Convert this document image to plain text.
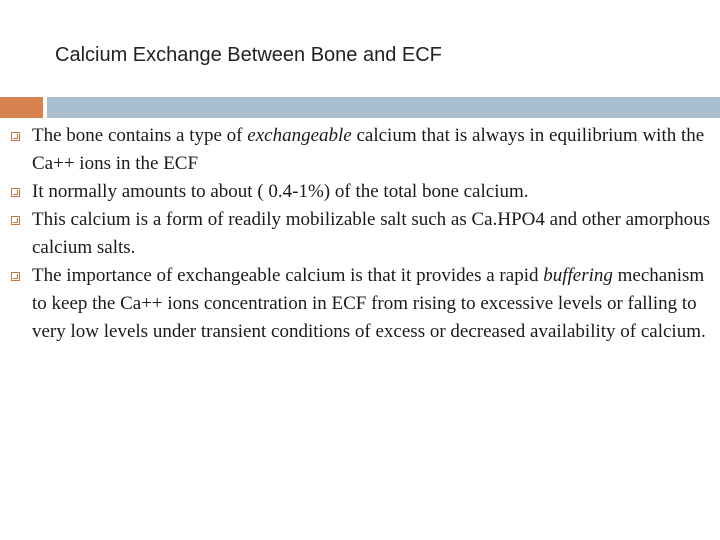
Calcium Exchange Between Bone and ECF
The bone contains a type of exchangeable calcium that is always in equilibrium with the Ca++ ions in the ECF
It normally amounts to about ( 0.4-1%) of the total bone calcium.
This calcium is a form of readily mobilizable salt such as Ca.HPO4 and other amorphous calcium salts.
The importance of exchangeable calcium is that it provides a rapid buffering mechanism to keep the Ca++ ions concentration in ECF from rising to excessive levels or falling to very low levels under transient conditions of excess or decreased availability of calcium.
